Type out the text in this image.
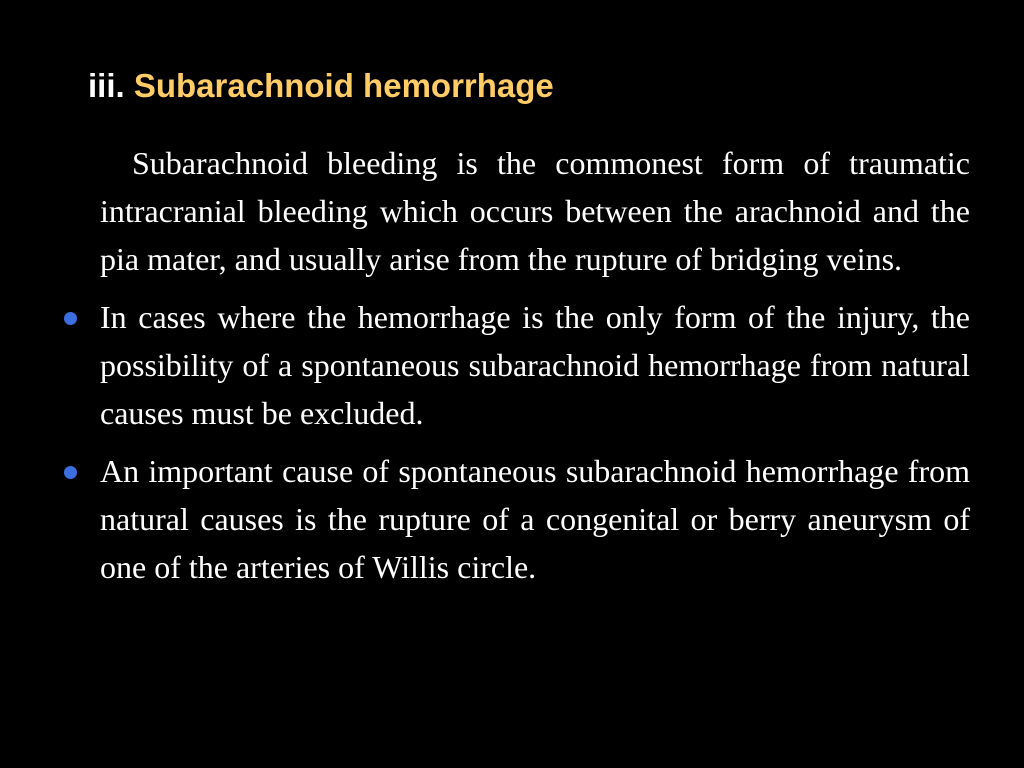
iii. Subarachnoid hemorrhage

Subarachnoid bleeding is the commonest form of traumatic intracranial bleeding which occurs between the arachnoid and the pia mater, and usually arise from the rupture of bridging veins.

In cases where the hemorrhage is the only form of the injury, the possibility of a spontaneous subarachnoid hemorrhage from natural causes must be excluded.
An important cause of spontaneous subarachnoid hemorrhage from natural causes is the rupture of a congenital or berry aneurysm of one of the arteries of Willis circle.
